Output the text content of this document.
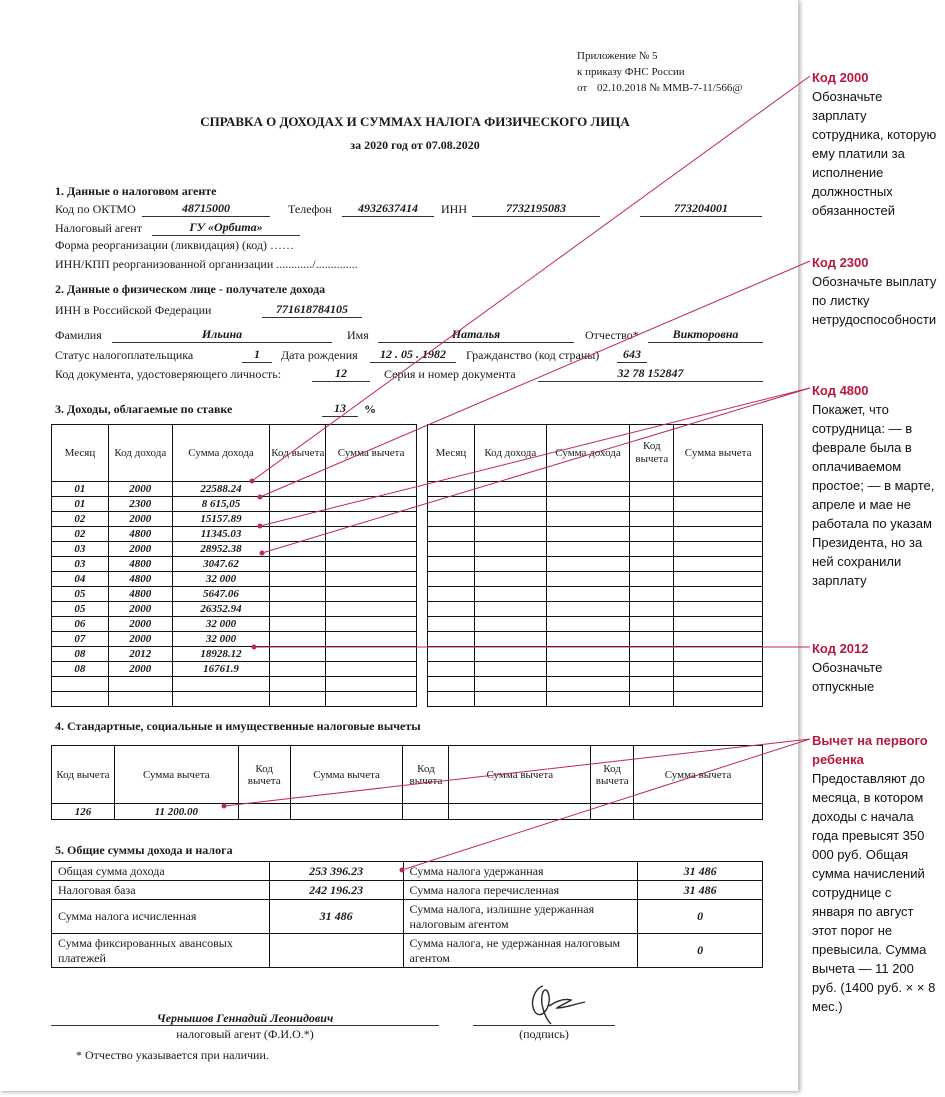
Приложение № 5
к приказу ФНС России
от 02.10.2018 № ММВ-7-11/566@
СПРАВКА О ДОХОДАХ И СУММАХ НАЛОГА ФИЗИЧЕСКОГО ЛИЦА
за 2020 год от 07.08.2020
1. Данные о налоговом агенте
Код по ОКТМО	48715000	Телефон	4932637414	ИНН	7732195083	773204001
Налоговый агент	ГУ «Орбита»
Форма реорганизации (ликвидация) (код) ……
ИНН/КПП реорганизованной организации ............/..............
2. Данные о физическом лице - получателе дохода
ИНН в Российской Федерации	771618784105
Фамилия	Ильина	Имя	Наталья	Отчество*	Викторовна
Статус налогоплательщика	1	Дата рождения	12 . 05 . 1982	Гражданство (код страны)	643
Код документа, удостоверяющего личность:	12	Серия и номер документа	32 78 152847
3. Доходы, облагаемые по ставке	13	%
Месяц	Код дохода	Сумма дохода	Код вычета	Сумма вычета
01	2000	22588.24		
01	2300	8 615,05		
02	2000	15157.89		
02	4800	11345.03		
03	2000	28952.38		
03	4800	3047.62		
04	4800	32 000		
05	4800	5647.06		
05	2000	26352.94		
06	2000	32 000		
07	2000	32 000		
08	2012	18928.12		
08	2000	16761.9		

Месяц	Код дохода	Сумма дохода	Код вычета	Сумма вычета

4. Стандартные, социальные и имущественные налоговые вычеты
Код вычета	Сумма вычета	Код вычета	Сумма вычета	Код вычета	Сумма вычета	Код вычета	Сумма вычета
126	11 200.00						
5. Общие суммы дохода и налога
Общая сумма дохода	253 396.23	Сумма налога удержанная	31 486
Налоговая база	242 196.23	Сумма налога перечисленная	31 486
Сумма налога исчисленная	31 486	Сумма налога, излишне удержанная налоговым агентом	0
Сумма фиксированных авансовых платежей		Сумма налога, не удержанная налоговым агентом	0
Чернышов Геннадий Леонидович
налоговый агент (Ф.И.О.*)	(подпись)
* Отчество указывается при наличии.
Код 2000
Обозначьте зарплату сотрудника, которую ему платили за исполнение должностных обязанностей
Код 2300
Обозначьте выплату по листку нетрудоспособности
Код 4800
Покажет, что сотрудница: — в феврале была в оплачиваемом простое; — в марте, апреле и мае не работала по указам Президента, но за ней сохранили зарплату
Код 2012
Обозначьте отпускные
Вычет на первого ребенка
Предоставляют до месяца, в котором доходы с начала года превысят 350 000 руб. Общая сумма начислений сотруднице с января по август этот порог не превысила. Сумма вычета — 11 200 руб. (1400 руб. × × 8 мес.)
